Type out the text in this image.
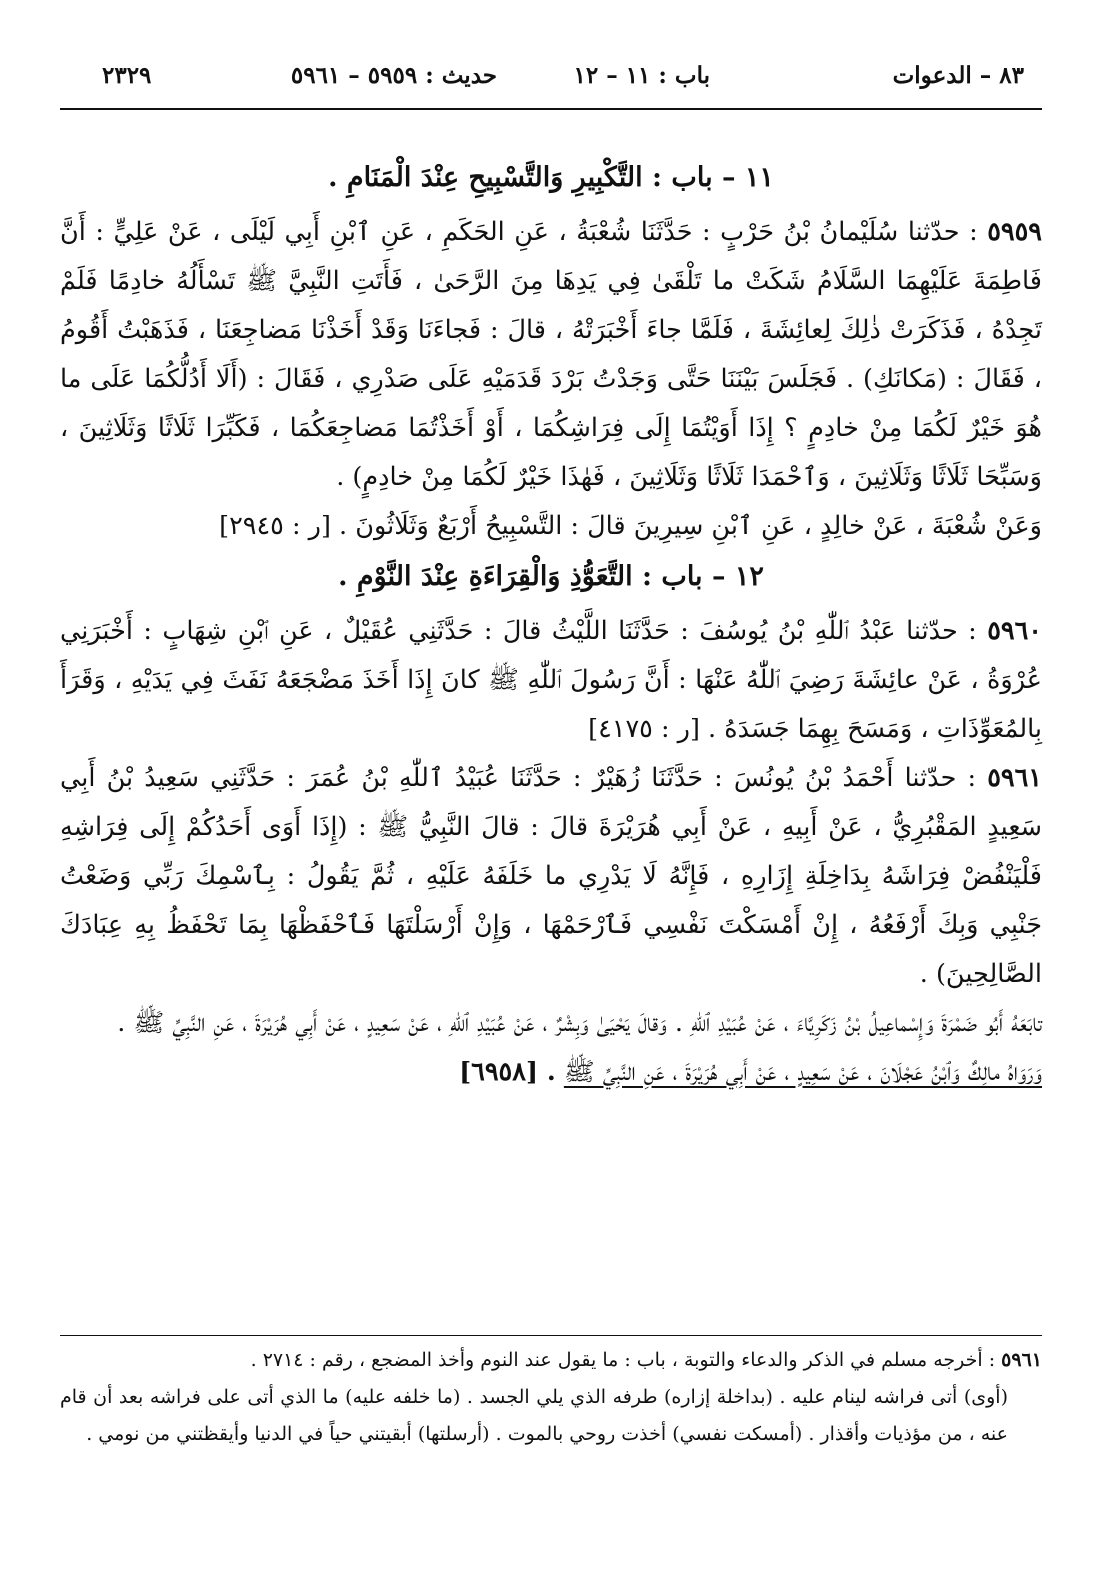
٨٣ – الدعوات
باب : ١١ – ١٢
حديث : ٥٩٥٩ – ٥٩٦١
٢٣٢٩
١١ – باب : التَّكْبِيرِ وَالتَّسْبِيحِ عِنْدَ الْمَنَامِ .

٥٩٥٩ : حدّثنا سُلَيْمانُ بْنُ حَرْبٍ : حَدَّثَنَا شُعْبَةُ ، عَنِ الحَكَمِ ، عَنِ ٱبْنِ أَبِي لَيْلَى ، عَنْ عَلِيٍّ : أَنَّ فَاطِمَةَ عَلَيْهِمَا السَّلَامُ شَكَتْ ما تَلْقَىٰ فِي يَدِهَا مِنَ الرَّحَىٰ ، فَأَتَتِ النَّبِيَّ ﷺ تَسْأَلُهُ خادِمًا فَلَمْ تَجِدْهُ ، فَذَكَرَتْ ذٰلِكَ لِعائِشَةَ ، فَلَمَّا جاءَ أَخْبَرَتْهُ ، قالَ : فَجاءَنَا وَقَدْ أَخَذْنَا مَضاجِعَنَا ، فَذَهَبْتُ أَقُومُ ، فَقَالَ : (مَكانَكِ) . فَجَلَسَ بَيْنَنَا حَتَّى وَجَدْتُ بَرْدَ قَدَمَيْهِ عَلَى صَدْرِي ، فَقَالَ : (أَلَا أَدُلُّكُمَا عَلَى ما هُوَ خَيْرٌ لَكُمَا مِنْ خادِمٍ ؟ إِذَا أَوَيْتُمَا إِلَى فِرَاشِكُمَا ، أَوْ أَخَذْتُمَا مَضاجِعَكُمَا ، فَكَبِّرَا ثَلَاثًا وَثَلَاثِينَ ، وَسَبِّحَا ثَلَاثًا وَثَلَاثِينَ ، وَٱحْمَدَا ثَلَاثًا وَثَلَاثِينَ ، فَهٰذَا خَيْرٌ لَكُمَا مِنْ خادِمٍ) .

وَعَنْ شُعْبَةَ ، عَنْ خالِدٍ ، عَنِ ٱبْنِ سِيرِينَ قالَ : التَّسْبِيحُ أَرْبَعٌ وَثَلَاثُونَ . [ر : ٢٩٤٥]

١٢ – باب : التَّعَوُّذِ وَالْقِرَاءَةِ عِنْدَ النَّوْمِ .

٥٩٦٠ : حدّثنا عَبْدُ ٱللّٰهِ بْنُ يُوسُفَ : حَدَّثَنَا اللَّيْثُ قالَ : حَدَّثَنِي عُقَيْلٌ ، عَنِ ٱبْنِ شِهَابٍ : أَخْبَرَنِي عُرْوَةُ ، عَنْ عائِشَةَ رَضِيَ ٱللّٰهُ عَنْهَا : أَنَّ رَسُولَ ٱللّٰهِ ﷺ كانَ إِذَا أَخَذَ مَضْجَعَهُ نَفَثَ فِي يَدَيْهِ ، وَقَرَأَ بِالمُعَوِّذَاتِ ، وَمَسَحَ بِهِمَا جَسَدَهُ . [ر : ٤١٧٥]

٥٩٦١ : حدّثنا أَحْمَدُ بْنُ يُونُسَ : حَدَّثَنَا زُهَيْرٌ : حَدَّثَنَا عُبَيْدُ ٱللّٰهِ بْنُ عُمَرَ : حَدَّثَنِي سَعِيدُ بْنُ أَبِي سَعِيدٍ المَقْبُرِيُّ ، عَنْ أَبِيهِ ، عَنْ أَبِي هُرَيْرَةَ قالَ : قالَ النَّبِيُّ ﷺ : (إِذَا أَوَى أَحَدُكُمْ إِلَى فِرَاشِهِ فَلْيَنْفُضْ فِرَاشَهُ بِدَاخِلَةِ إِزَارِهِ ، فَإِنَّهُ لَا يَدْرِي ما خَلَفَهُ عَلَيْهِ ، ثُمَّ يَقُولُ : بِٱسْمِكَ رَبِّي وَضَعْتُ جَنْبِي وَبِكَ أَرْفَعُهُ ، إِنْ أَمْسَكْتَ نَفْسِي فَٱرْحَمْهَا ، وَإِنْ أَرْسَلْتَهَا فَٱحْفَظْهَا بِمَا تَحْفَظُ بِهِ عِبَادَكَ الصَّالِحِينَ) .

تابَعَهُ أَبُو ضَمْرَةَ وَإِسْماعِيلُ بْنُ زَكَرِيَّاءَ ، عَنْ عُبَيْدِ ٱللّٰهِ . وَقالَ يَحْيَىٰ وَبِشْرٌ ، عَنْ عُبَيْدِ ٱللّٰهِ ، عَنْ سَعِيدٍ ، عَنْ أَبِي هُرَيْرَةَ ، عَنِ النَّبِيِّ ﷺ .

وَرَوَاهُ مالِكٌ وَٱبْنُ عَجْلَانَ ، عَنْ سَعِيدٍ ، عَنْ أَبِي هُرَيْرَةَ ، عَنِ النَّبِيِّ ﷺ . [٦٩٥٨]

٥٩٦١ : أخرجه مسلم في الذكر والدعاء والتوبة ، باب : ما يقول عند النوم وأخذ المضجع ، رقم : ٢٧١٤ .

(أوى) أتى فراشه لينام عليه . (بداخلة إزاره) طرفه الذي يلي الجسد . (ما خلفه عليه) ما الذي أتى على فراشه بعد أن قام عنه ، من مؤذيات وأقذار . (أمسكت نفسي) أخذت روحي بالموت . (أرسلتها) أبقيتني حياً في الدنيا وأيقظتني من نومي .
